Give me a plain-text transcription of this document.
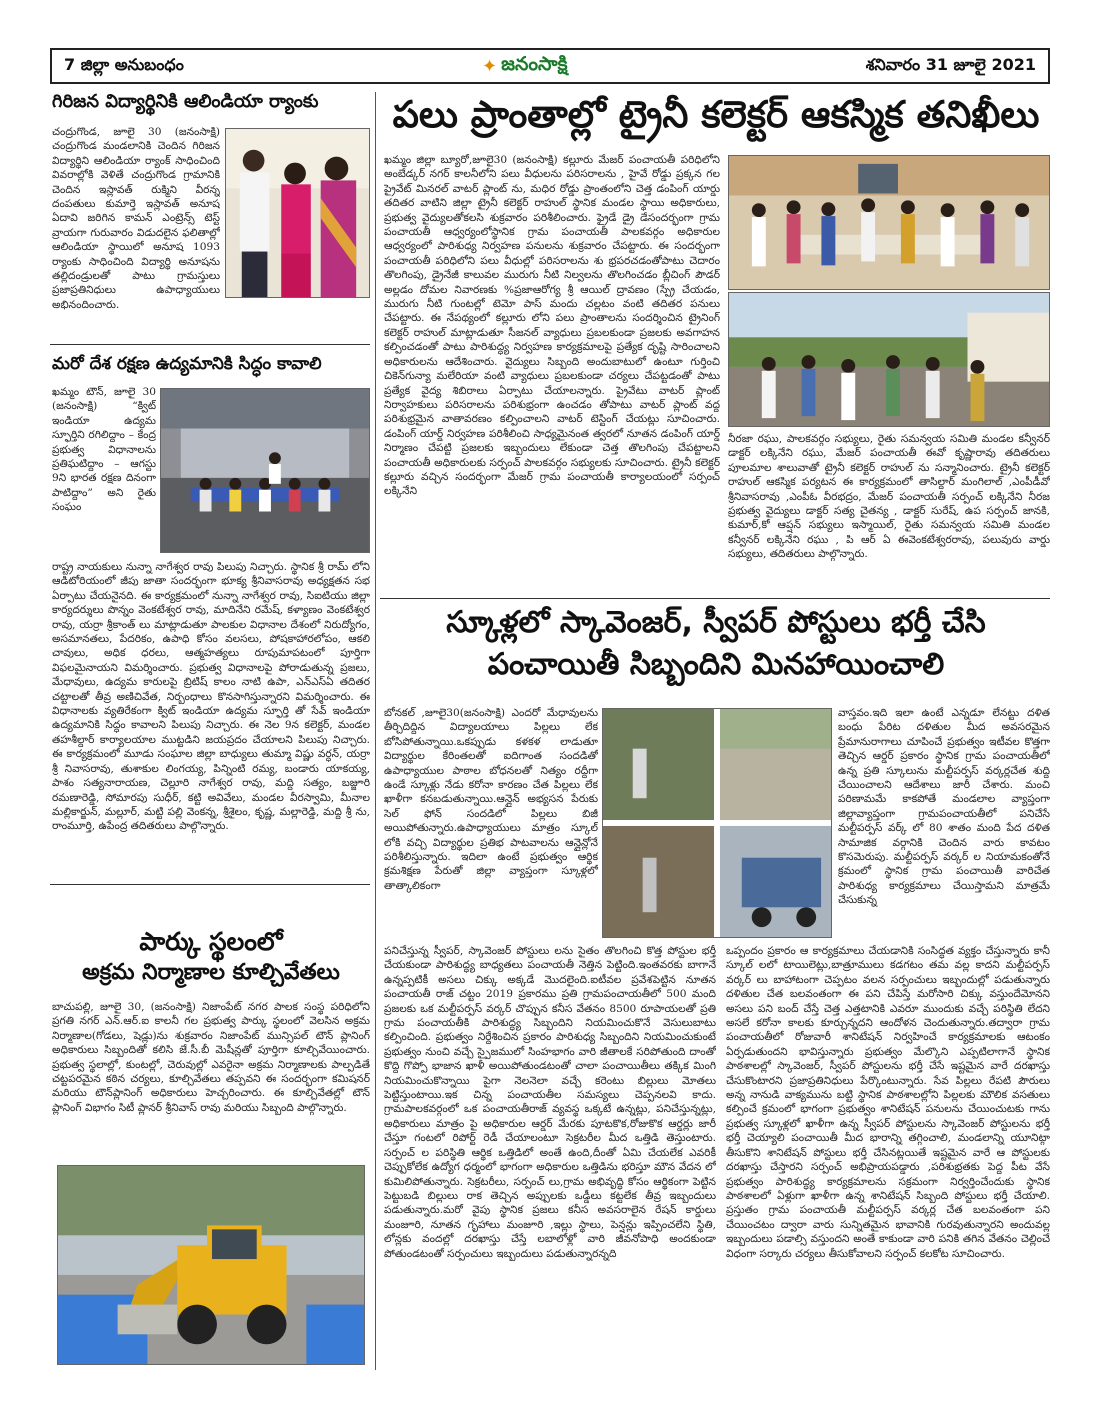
7 జిల్లా అనుబంధం	✦ జనంసాక్షి	శనివారం 31 జూలై 2021
గిరిజన విద్యార్థినికి ఆలిండియా ర్యాంకు

చంద్రుగొండ, జూలై 30 (జనంసాక్షి) చంద్రుగొండ మండలానికి చెందిన గిరిజన విద్యార్థిని ఆలిండియా ర్యాంక్ సాధించింది వివరాల్లోకి వెళితే చంద్రుగొండ గ్రామానికి చెందిన ఇస్లావత్ రుక్మిని వీరన్న దంపతులు కుమార్తె ఇస్లావత్ అనూష ఏదావి జరిగిన కామన్ ఎంట్రెన్స్ టెస్ట్ వ్రాయగా గురువారం విడుదలైన ఫలితాల్లో ఆలిండియా స్థాయిలో అనూష 1093 ర్యాంకు సాధించింది విద్యార్థి అనూషను తల్లిదండ్రులతో పాటు గ్రామస్తులు ప్రజాప్రతినిధులు ఉపాధ్యాయులు అభినందించారు.

మరో దేశ రక్షణ ఉద్యమానికి సిద్ధం కావాలి

ఖమ్మం టౌన్, జూలై 30 (జనంసాక్షి) “క్విట్ ఇండియా ఉద్యమ స్ఫూర్తిని రగిలిద్దాం – కేంద్ర ప్రభుత్వ విధానాలను ప్రతిఘటిద్దాం – ఆగస్టు 9ని భారత రక్షణ దినంగా పాటిద్దాం” అని రైతు సంఘం

రాష్ట్ర నాయకులు నున్నా నాగేశ్వర రావు పిలుపు నిచ్చారు. స్థానిక శ్రీ రామ్ లోని ఆడిటోరియంలో జీపు జాతా సందర్భంగా భూక్య శ్రీనివాసరావు అధ్యక్షతన సభ ఏర్పాటు చేయనైనది. ఈ కార్యక్రమంలో నున్నా నాగేశ్వర రావు, సిఐటియు జిల్లా కార్యదర్శులు పొన్నం వెంకటేశ్వర రావు, మాదినేని రమేష్, కళ్యాణం వెంకటేశ్వర రావు, యర్రా శ్రీకాంత్ లు మాట్లాడుతూ పాలకుల విధానాల దేశంలో నిరుద్యోగం, అసమానతలు, పేదరికం, ఉపాధి కోసం వలసలు, పోషకాహారలోపం, ఆకలి చావులు, అధిక ధరలు, ఆత్మహత్యలు రూపుమాపటంలో పూర్తిగా విఫలమైనాయని విమర్శించారు. ప్రభుత్వ విధానాలపై పోరాడుతున్న ప్రజలు, మేధావులు, ఉద్యమ కారులపై బ్రిటిష్ కాలం నాటి ఉపా, ఎన్ఎస్ఏ తదితర చట్టాలతో తీవ్ర అణిచివేత, నిర్బంధాలు కొనసాగిస్తున్నారని విమర్శించారు. ఈ విధానాలకు వ్యతిరేకంగా క్విట్ ఇండియా ఉద్యమ స్ఫూర్తి తో సేవ్ ఇండియా ఉద్యమానికి సిద్ధం కావాలని పిలుపు నిచ్చారు. ఈ నెల 9న కలెక్టర్, మండల తహశీల్దార్ కార్యాలయాల ముట్టడిని జయప్రదం చేయాలని పిలుపు నిచ్చారు. ఈ కార్యక్రమంలో మూడు సంఘాల జిల్లా బాధ్యులు తుమ్మా విష్ణు వర్ధన్, యర్రా శ్రీ నివాసరావు, తుశాకుల లింగయ్య, పిన్నింటి రమ్య, బండారు యాకయ్య, పాశం సత్యనారాయణ, చెల్లూరి నాగేశ్వర రావు, మద్ది సత్యం, బజ్జూరి రమణారెడ్డి, సోమారపు సుధీర్, కట్టి అవివేలు, మండల వీరస్వామి, మీనాల మల్లికార్జున్, మల్లూర్, మట్టి పల్లి వెంకన్న, శ్రీశైలం, కృష్ణ, మల్లారెడ్డి, మద్ది శ్రీ ను, రాంమూర్తి, ఉపేంద్ర తదితరులు పాల్గొన్నారు.

పార్కు స్థలంలో
అక్రమ నిర్మాణాల కూల్చివేతలు

బాచుపల్లి, జూలై 30, (జనంసాక్షి) నిజాంపేట్ నగర పాలక సంస్థ పరిధిలోని ప్రగతి నగర్ ఎన్.ఆర్.ఐ కాలనీ గల ప్రభుత్వ పార్కు స్థలంలో వెలసిన అక్రమ నిర్మాణాల(గోడలు, షెడ్లు)ను శుక్రవారం నిజాంపేట్ మున్సిపల్ టౌన్ ప్లానింగ్ అధికారులు సిబ్బందితో కలిసి జే.సీ.బీ మెషీన్లతో పూర్తిగా కూల్చివేయించారు. ప్రభుత్వ స్థలాల్లో, కుంటల్లో, చెరువుల్లో ఎవరైనా అక్రమ నిర్మాణాలకు పాల్పడితే చట్టపరమైన కఠిన చర్యలు, కూల్చివేతలు తప్పవని ఈ సందర్భంగా కమిషనర్ మరియు టౌన్‌ప్లానింగ్ అధికారులు హెచ్చరించారు. ఈ కూల్చివేతల్లో టౌన్ ప్లానింగ్ విభాగం సిటీ ప్లానర్ శ్రీనివాస్ రావు మరియు సిబ్బంది పాల్గొన్నారు.

పలు ప్రాంతాల్లో ట్రైనీ కలెక్టర్ ఆకస్మిక తనిఖీలు

ఖమ్మం జిల్లా బ్యూరో,జూలై30 (జనంసాక్షి) కల్లూరు మేజర్ పంచాయతీ పరిధిలోని అంబేడ్కర్ నగర్ కాలనీలోని పలు వీధులను పరిసరాలను , హైవే రోడ్డు ప్రక్కన గల ప్రైవేట్ మినరల్ వాటర్ ప్లాంట్ ను, మధిర రోడ్డు ప్రాంతంలోని చెత్త డంపింగ్ యార్డు తదితర వాటిని జిల్లా ట్రైనీ కలెక్టర్ రాహుల్ స్థానిక మండల స్థాయి అధికారులు, ప్రభుత్వ వైద్యులతోకలసి శుక్రవారం పరిశీలించారు. ఫ్రైడే డ్రై డేసందర్భంగా గ్రామ పంచాయతీ ఆధ్వర్యంలోస్థానిక గ్రామ పంచాయతీ పాలకవర్గం అధికారుల ఆధ్వర్యంలో పారిశుధ్య నిర్వహణ పనులను శుక్రవారం చేపట్టారు. ఈ సందర్భంగా పంచాయతీ పరిధిలోని పలు వీధుల్లో పరిసరాలను శు భ్రపరచడంతోపాటు చెదారం తొలగింపు, డ్రైనేజీ కాలువల మురుగు నీటి నిల్వలను తొలగించడం బ్లీచింగ్ పౌడర్ అల్లడం దోమల నివారణకు %ప్రజాఆరోగ్య శ్రీ ఆయిల్ ద్రావణం (స్ప్రే చేయడం, మురుగు నీటి గుంటల్లో టెమో పాస్ మందు చల్లటం వంటి తదితర పనులు చేపట్టారు. ఈ నేపథ్యంలో కల్లూరు లోని పలు ప్రాంతాలను సందర్శించిన ట్రైనింగ్ కలెక్టర్ రాహుల్ మాట్లాడుతూ సీజనల్ వ్యాధులు ప్రబలకుండా ప్రజలకు అవగాహన కల్పించడంతో పాటు పారిశుద్ధ్య నిర్వహణ కార్యక్రమాలపై ప్రత్యేక దృష్టి సారించాలని అధికారులను ఆదేశించారు. వైద్యులు సిబ్బంది అందుబాటులో ఉంటూ గుర్తించి చికెన్‌గున్యా మలేరియా వంటి వ్యాధులు ప్రబలకుండా చర్యలు చేపట్టడంతో పాటు ప్రత్యేక వైద్య శిబిరాలు ఏర్పాటు చేయాలన్నారు. ప్రైవేటు వాటర్ ప్లాంట్ నిర్వాహకులు పరిసరాలను పరిశుభ్రంగా ఉంచడం తోపాటు వాటర్ ప్లాంట్ వద్ద పరిశుభ్రమైన వాతావరణం కల్పించాలని వాటర్ టెస్టింగ్ చేయట్లు సూచించారు. డంపింగ్ యార్డ్ నిర్వహణ పరిశీలించి సాధ్యమైనంత త్వరలో నూతన డంపింగ్ యార్డ్ నిర్మాణం చేపట్టి ప్రజలకు ఇబ్బందులు లేకుండా చెత్త తొలగింపు చేపట్టాలని పంచాయతీ అధికారులకు సర్పంచ్ పాలకవర్గం సభ్యులకు సూచించారు. ట్రైనీ కలెక్టర్ కల్లూరు వచ్చిన సందర్భంగా మేజర్ గ్రామ పంచాయతీ కార్యాలయంలో సర్పంచ్ లక్కినేని

నీరజా రఘు, పాలకవర్గం సభ్యులు, రైతు సమన్వయ సమితి మండల కన్వీనర్ డాక్టర్ లక్కినేని రఘు, మేజర్ పంచాయతీ ఈవో కృష్ణారావు తదితరులు పూలమాల శాలువాతో ట్రైనీ కలెక్టర్ రాహుల్ ను సన్మానించారు. ట్రైనీ కలెక్టర్ రాహుల్ ఆకస్మిక పర్యటన ఈ కార్యక్రమంలో తాసిల్దార్ మంగిలాల్ ,ఎంపీడీవో శ్రీనివాసరావు ,ఎంపీఓ వీరభద్రం, మేజర్ పంచాయతీ సర్పంచ్ లక్కినేని నీరజ ప్రభుత్వ వైద్యులు డాక్టర్ సత్య చైతన్య , డాక్టర్ సురేష్, ఉప సర్పంచ్ జానకి, కుమార్,కో ఆప్షన్ సభ్యులు ఇస్మాయిల్, రైతు సమన్వయ సమితి మండల కన్వీనర్ లక్కినేని రఘు , పి ఆర్ ఏ ఈవెంకటేశ్వరరావు, పలువురు వార్డు సభ్యులు, తదితరులు పాల్గొన్నారు.

స్కూళ్లలో స్కావెంజర్, స్వీపర్ పోస్టులు భర్తీ చేసి
పంచాయితీ సిబ్బందిని మినహాయించాలి

బోనకల్ ,జూలై30(జనంసాక్షి) ఎందరో మేధావులను తీర్చిదిద్దిన విద్యాలయాలు పిల్లలు లేక బోసిపోతున్నాయి.ఒకప్పుడు కళకళ లాడుతూ విద్యార్థుల కేరింతలతో ఐదిగాంత సందడితో ఉపాధ్యాయుల పాఠాల బోధనలతో నిత్యం రద్దీగా ఉండే స్కూళ్లు నేడు కరోనా కారణం చేత పిల్లలు లేక ఖాళీగా కనబడుతున్నాయి.ఆన్లైన్ అభ్యసన పేరుకు సెల్ ఫోన్ సందడిలో పిల్లలు బిజీ అయిపోతున్నారు.ఉపాధ్యాయులు మాత్రం స్కూల్ లోకి వచ్చి విద్యార్థుల ప్రతిభ పాటవాలను ఆన్లైన్లోనే పరిశీలిస్తున్నారు. ఇదిలా ఉంటే ప్రభుత్వం ఆర్థిక క్రమశిక్షణ పేరుతో జిల్లా వ్యాప్తంగా స్కూళ్లలో తాత్కాలికంగా

వాస్తవం.ఇది ఇలా ఉంటే ఎన్నడూ లేనట్టు దళిత బంధు పేరిట దళితుల మీద అవసరమైన ప్రేమానురాగాలు చూపించే ప్రభుత్వం ఇటీవల కొత్తగా తెచ్చిన ఆర్డర్ ప్రకారం స్థానిక గ్రామ పంచాయతీలో ఉన్న ప్రతి స్కూలును మల్టీపర్పస్ వర్కర్లచేత శుద్ది చేయించాలని ఆదేశాలు జారీ చేశారు. మంచి పరిణామమే కాకపోతే మండలాల వ్యాప్తంగా జిల్లావ్యాప్తంగా గ్రామపంచాయతీలో పనిచేసే మల్టీపర్పస్ వర్క్ లో 80 శాతం మంది పేద దళిత సామాజిక వర్గానికి చెందిన వారు కావటం కొసమెరుపు. మల్టీపర్పస్ వర్కర్ ల నియామకంతోనే క్రమంలో స్థానిక గ్రామ పంచాయితీ వారిచేత పారిశుధ్య కార్యక్రమాలు చేయిస్తామని మాత్రమే చేసుకున్న

పనిచేస్తున్న స్వీపర్, స్కావెంజర్ పోస్టులు లను సైతం తొలగించి కొత్త పోస్టుల భర్తీ చేయకుండా పారిశుద్ధ్య బాధ్యతలు పంచాయతీ నెత్తిన పెట్టింది.ఇంతవరకు బాగానే ఉన్నప్పటికీ అసలు చిక్కు అక్కడే మొదలైంది.ఐటీవల ప్రవేశపెట్టిన నూతన పంచాయతీ రాజ్ చట్టం 2019 ప్రకారము ప్రతి గ్రామపంచాయతీలో 500 మంది ప్రజలకు ఒక మల్టీపర్పస్ వర్కర్ చొప్పున కనీస వేతనం 8500 రూపాయలతో ప్రతి గ్రామ పంచాయతీకి పారిశుద్ధ్య సిబ్బందిని నియమించుకొనే వెసులుబాటు కల్పించింది. ప్రభుత్వం నిర్దేశించిన ప్రకారం పారిశుధ్య సిబ్బందిని నియమించుకుంటే ప్రభుత్వం నుంచి వచ్చే స్పైజములో సింహభాగం వారి జీతాలకే సరిపోతుంది దాంతో కొద్ది గొప్పో భాజాన ఖాళీ అయిపోతుండటంతో చాలా పంచాయితీలు తక్కిక మింగి నియమించుకొన్నాయి పైగా నెలనెలా వచ్చే కరెంటు బిల్లులు మోతలు పెట్టిస్తుంటాయి.ఇక చిన్న పంచాయతీల సమస్యలు చెప్పనలవి కాదు. గ్రామపాలకవర్గంలో ఒక పంచాయతీరాజ్ వ్యవస్థ ఒక్కటే ఉన్నట్లు, పనిచేస్తున్నట్లు, అధికారులు మాత్రం పై అధికారుల ఆర్డర్ మేరకు పూటకొక,రోజుకొక ఆర్డర్లు జారీ చేస్తూ గంటలో రిపోర్ట్ రెడీ చేయాలంటూ సెక్రటరీల మీద ఒత్తిడి తెస్తుంటారు. సర్పంచ్ ల పరిస్థితి ఆర్థిక ఒత్తిడిలో అంతే ఉంది,దీంతో ఏమి చేయలేక ఎవరికీ చెప్పుకోలేక ఉద్యోగ ధర్మంలో భాగంగా అధికారుల ఒత్తిడిను భరిస్తూ మౌన వేదన లో కుమిలిపోతున్నారు. సెక్రటరీలు, సర్పంచ్ లు,గ్రామ అభివృద్ధి కోసం ఆర్థికంగా పెట్టిన పెట్టుబడి బిల్లులు రాక తెచ్చిన అప్పులకు ఒడ్డీలు కట్టలేక తీవ్ర ఇబ్బందులు పడుతున్నారు.మరో వైపు స్థానిక ప్రజలు కనీస అవసరాలైన రేషన్ కార్డులు మంజూరి, నూతన గృహాలు మంజూరి ,ఇల్లు స్థాలు, పెన్షన్లు ఇప్పించలేని స్థితి, లోన్లకు వందల్లో దరఖాస్తు చేస్తే లబాలోళ్లో వారి జీవనోపాధి అందకుండా పోతుండటంతో సర్పంచులు ఇబ్బందులు పడుతున్నారన్నది

ఒప్పందం ప్రకారం ఆ కార్యక్రమాలు చేయడానికి సంసిద్ధత వ్యక్తం చేస్తున్నారు కానీ స్కూల్ లలో టాయిలెట్లు,బాత్రూములు కడగటం తమ వల్ల కాదని మల్టీపర్పస్ వర్కర్ లు బాహాటంగా చెప్పటం వలన సర్పంచులు ఇబ్బందుల్లో పడుతున్నారు దళితుల చేత బలవంతంగా ఈ పని చేపిస్తే మరోసారి చిక్కు వస్తుందేమోనని అసలు పని బంద్ చేస్తే చెత్త ఎత్తటానికి ఎవరూ ముందుకు వచ్చే పరిస్థితి లేదని అసలే కరోనా కాలకు కూర్చున్నదని ఆందోళన చెందుతున్నారు.తద్వారా గ్రామ పంచాయతీలో రోజువారీ శానిటేషన్ నిర్వహించే కార్యక్రమాలకు ఆటంకం ఏర్పడుతుందని భావిస్తున్నారు ప్రభుత్వం మేల్కొని ఎప్పటిలాగానే స్థానిక పాఠశాలల్లో స్కావెంజర్, స్వీపర్ పోస్టులను భర్తీ చేసే ఇష్టమైన వారే దరఖాస్తు చేసుకొంటారని ప్రజాప్రతినిధులు పేర్కొంటున్నారు. సేవ పిల్లలు రేపటి పౌరులు అన్న నానుడి వాక్యమును బట్టి స్థానిక పాఠశాలల్లోని పిల్లలకు మౌలిక వసతులు కల్పించే క్రమంలో భాగంగా ప్రభుత్వం శానిటేషన్ పనులను చేయించుటకు గాను ప్రభుత్వ స్కూళ్లలో ఖాళీగా ఉన్న స్వీపర్ పోస్టులను స్కావెంజర్ పోస్టులను భర్తీ భర్తీ చెయ్యాలి పంచాయితీ మీద భారాన్ని తగ్గించాలి, మండలాన్ని యూనిట్గా తీసుకొని శానిటేషన్ పోస్టులు భర్తీ చేసినట్లయితే ఇష్టమైన వారే ఆ పోస్టులకు దరఖాస్తు చేస్తారని సర్పంచ్ అభిప్రాయపడ్డారు ,పరిశుభ్రతకు పెద్ద పీట వేసే ప్రభుత్వం పారిశుద్ధ్య కార్యక్రమాలను సక్రమంగా నిర్వర్తించేందుకు స్థానిక పాఠశాలలో ఏళ్లుగా ఖాళీగా ఉన్న శానిటేషన్ సిబ్బంది పోస్టులు భర్తీ చేయాలి. ప్రస్తుతం గ్రామ పంచాయతీ మల్టీపర్పస్ వర్కర్ల చేత బలవంతంగా పని చేయించటం ద్వారా వారు సున్నితమైన భావానికి గురవుతున్నారని అందువల్ల ఇబ్బందులు పడాల్సి వస్తుందని అంతే కాకుండా వారి పనికి తగిన వేతనం చెల్లించే విధంగా సర్కారు చర్యలు తీసుకోవాలని సర్పంచ్ కలకోట సూచించారు.
